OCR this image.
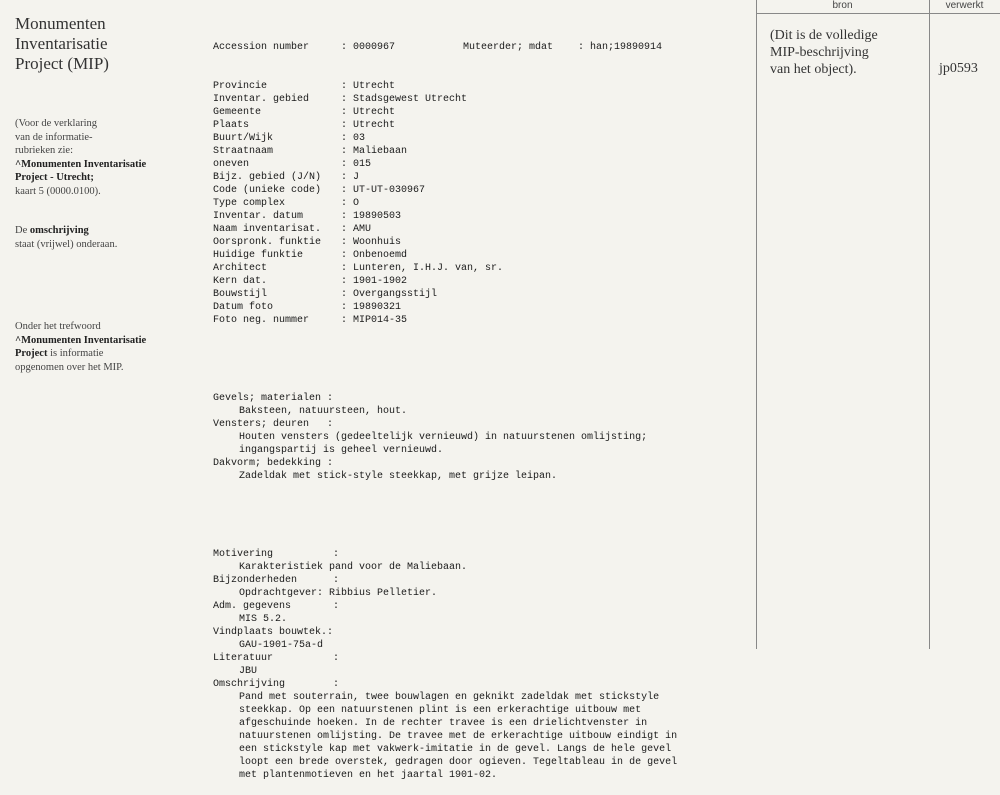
Monumenten
Inventarisatie
Project (MIP)
(Voor de verklaring
van de informatie-
rubrieken zie:
^Monumenten Inventarisatie
Project - Utrecht;
kaart 5 (0000.0100).
De omschrijving
staat (vrijwel) onderaan.
Onder het trefwoord
^Monumenten Inventarisatie
Project is informatie
opgenomen over het MIP.

Accession number	: 0000967	Muteerder; mdat	: han;19890914

Provincie	: Utrecht
Inventar. gebied	: Stadsgewest Utrecht
Gemeente	: Utrecht
Plaats	: Utrecht
Buurt/Wijk	: 03
Straatnaam	: Maliebaan
oneven	: 015
Bijz. gebied (J/N)	: J
Code (unieke code)	: UT-UT-030967
Type complex	: O
Inventar. datum	: 19890503
Naam inventarisat.	: AMU
Oorspronk. funktie	: Woonhuis
Huidige funktie	: Onbenoemd
Architect	: Lunteren, I.H.J. van, sr.
Kern dat.	: 1901-1902
Bouwstijl	: Overgangsstijl
Datum foto	: 19890321
Foto neg. nummer	: MIP014-35

Gevels; materialen :
Baksteen, natuursteen, hout.
Vensters; deuren   :
Houten vensters (gedeeltelijk vernieuwd) in natuurstenen omlijsting;
ingangspartij is geheel vernieuwd.
Dakvorm; bedekking :
Zadeldak met stick-style steekkap, met grijze leipan.

Motivering          :
Karakteristiek pand voor de Maliebaan.
Bijzonderheden      :
Opdrachtgever: Ribbius Pelletier.
Adm. gegevens       :
MIS 5.2.
Vindplaats bouwtek.:
GAU-1901-75a-d
Literatuur          :
JBU
Omschrijving        :
Pand met souterrain, twee bouwlagen en geknikt zadeldak met stickstyle
steekkap. Op een natuurstenen plint is een erkerachtige uitbouw met
afgeschuinde hoeken. In de rechter travee is een drielichtvenster in
natuurstenen omlijsting. De travee met de erkerachtige uitbouw eindigt in
een stickstyle kap met vakwerk-imitatie in de gevel. Langs de hele gevel
loopt een brede overstek, gedragen door ogieven. Tegeltableau in de gevel
met plantenmotieven en het jaartal 1901-02.

bron	verwerkt
(Dit is de volledige
MIP-beschrijving
van het object).	jp0593
